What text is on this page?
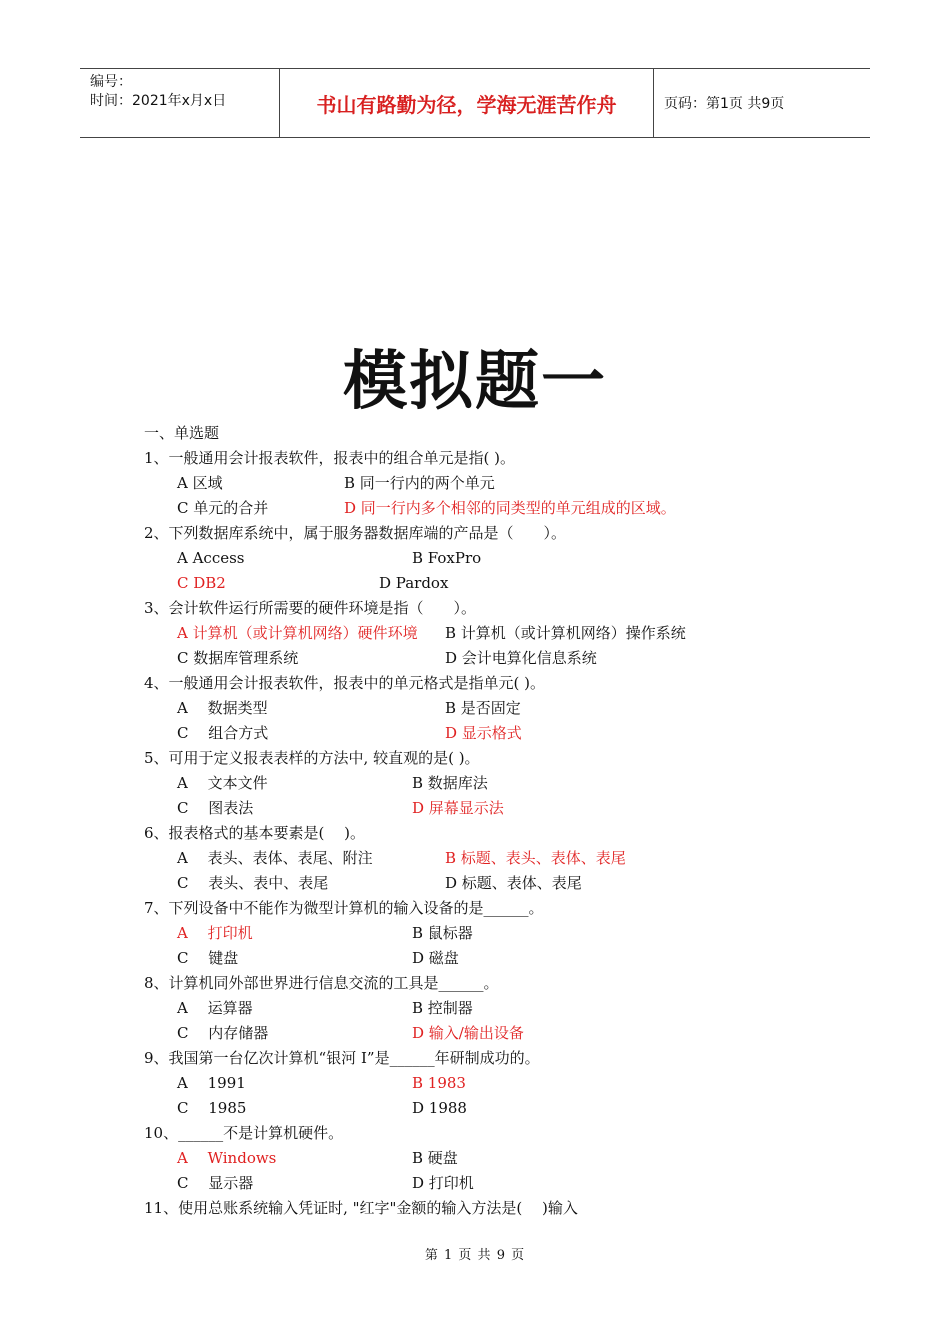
编号：
时间：2021年x月x日	书山有路勤为径，学海无涯苦作舟	页码：第1页 共9页
模拟题一
一、单选题
1、一般通用会计报表软件，报表中的组合单元是指( )。
A 区域	B 同一行内的两个单元
C 单元的合并	D 同一行内多个相邻的同类型的单元组成的区域。
2、下列数据库系统中，属于服务器数据库端的产品是（　　）。
A Access	B FoxPro
C DB2	D Pardox
3、会计软件运行所需要的硬件环境是指（　　）。
A 计算机（或计算机网络）硬件环境 B 计算机（或计算机网络）操作系统
C 数据库管理系统	D 会计电算化信息系统
4、一般通用会计报表软件，报表中的单元格式是指单元( )。
A　 数据类型	B 是否固定
C　 组合方式	D 显示格式
5、可用于定义报表表样的方法中, 较直观的是( )。
A　 文本文件	B 数据库法
C　 图表法	D 屏幕显示法
6、报表格式的基本要素是(　 )。
A　 表头、表体、表尾、附注	B 标题、表头、表体、表尾
C　 表头、表中、表尾	D 标题、表体、表尾
7、下列设备中不能作为微型计算机的输入设备的是______。
A　 打印机	B 鼠标器
C　 键盘	D 磁盘
8、计算机同外部世界进行信息交流的工具是______。
A　 运算器	B 控制器
C　 内存储器	D 输入/输出设备
9、我国第一台亿次计算机“银河 I”是______年研制成功的。
A　 1991	B 1983
C　 1985	D 1988
10、______不是计算机硬件。
A　 Windows	B 硬盘
C　 显示器	D 打印机
11、使用总账系统输入凭证时, "红字"金额的输入方法是(　 )输入
第 1 页 共 9 页
